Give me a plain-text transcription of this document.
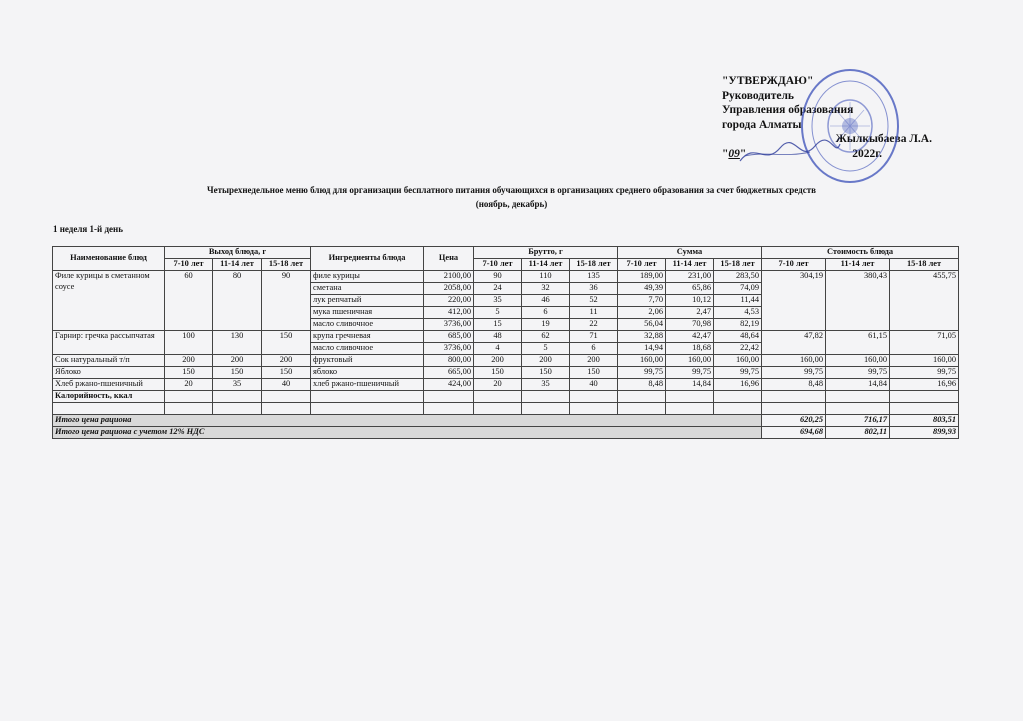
"УТВЕРЖДАЮ"
Руководитель
Управления образования
города Алматы
Жылкыбаева Л.А.
"09"	2022г.
Четырехнедельное меню блюд для организации бесплатного питания обучающихся в организациях среднего образования за счет бюджетных средств
(ноябрь, декабрь)
1 неделя 1-й день
Наименование блюд	Выход блюда, г			Ингредиенты блюда	Цена	Брутто, г			Сумма			Стоимость блюда		
	7-10 лет	11-14 лет	15-18 лет			7-10 лет	11-14 лет	15-18 лет	7-10 лет	11-14 лет	15-18 лет	7-10 лет	11-14 лет	15-18 лет
Филе курицы в сметанном соусе	60	80	90	филе курицы	2100,00	90	110	135	189,00	231,00	283,50	304,19	380,43	455,75
				сметана	2058,00	24	32	36	49,39	65,86	74,09			
				лук репчатый	220,00	35	46	52	7,70	10,12	11,44			
				мука пшеничная	412,00	5	6	11	2,06	2,47	4,53			
				масло сливочное	3736,00	15	19	22	56,04	70,98	82,19			
Гарнир: гречка рассыпчатая	100	130	150	крупа гречневая	685,00	48	62	71	32,88	42,47	48,64	47,82	61,15	71,05
				масло сливочное	3736,00	4	5	6	14,94	18,68	22,42			
Сок натуральный т/п	200	200	200	фруктовый	800,00	200	200	200	160,00	160,00	160,00	160,00	160,00	160,00
Яблоко	150	150	150	яблоко	665,00	150	150	150	99,75	99,75	99,75	99,75	99,75	99,75
Хлеб ржано-пшеничный	20	35	40	хлеб ржано-пшеничный	424,00	20	35	40	8,48	14,84	16,96	8,48	14,84	16,96
Калорийность, ккал														

Итого цена рациона												620,25	716,17	803,51
Итого цена рациона с учетом 12% НДС												694,68	802,11	899,93
